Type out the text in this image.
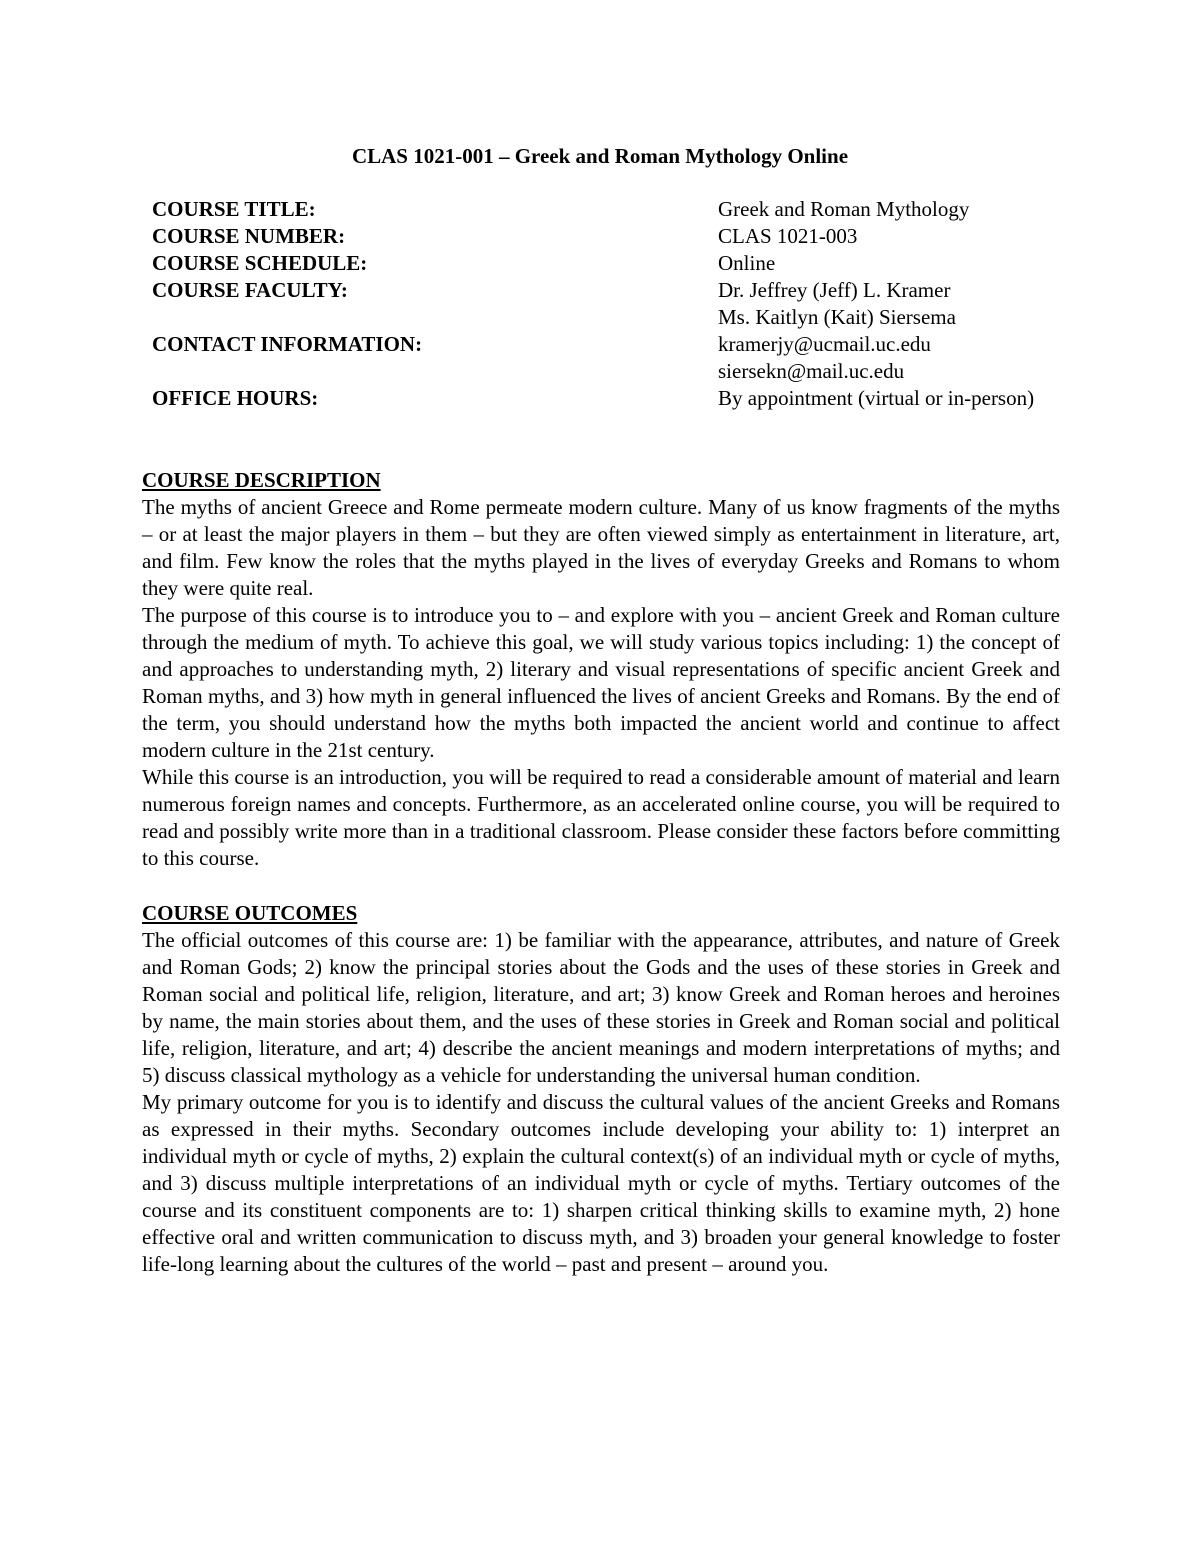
CLAS 1021-001 – Greek and Roman Mythology Online
COURSE TITLE:	Greek and Roman Mythology
COURSE NUMBER:	CLAS 1021-003
COURSE SCHEDULE:	Online
COURSE FACULTY:	Dr. Jeffrey (Jeff) L. Kramer
Ms. Kaitlyn (Kait) Siersema
CONTACT INFORMATION:	kramerjy@ucmail.uc.edu
siersekn@mail.uc.edu
OFFICE HOURS:	By appointment (virtual or in-person)

COURSE DESCRIPTION

The myths of ancient Greece and Rome permeate modern culture. Many of us know fragments of the myths – or at least the major players in them – but they are often viewed simply as entertainment in literature, art, and film. Few know the roles that the myths played in the lives of everyday Greeks and Romans to whom they were quite real.

The purpose of this course is to introduce you to – and explore with you – ancient Greek and Roman culture through the medium of myth. To achieve this goal, we will study various topics including: 1) the concept of and approaches to understanding myth, 2) literary and visual representations of specific ancient Greek and Roman myths, and 3) how myth in general influenced the lives of ancient Greeks and Romans. By the end of the term, you should understand how the myths both impacted the ancient world and continue to affect modern culture in the 21st century.

While this course is an introduction, you will be required to read a considerable amount of material and learn numerous foreign names and concepts. Furthermore, as an accelerated online course, you will be required to read and possibly write more than in a traditional classroom. Please consider these factors before committing to this course.

COURSE OUTCOMES

The official outcomes of this course are: 1) be familiar with the appearance, attributes, and nature of Greek and Roman Gods; 2) know the principal stories about the Gods and the uses of these stories in Greek and Roman social and political life, religion, literature, and art; 3) know Greek and Roman heroes and heroines by name, the main stories about them, and the uses of these stories in Greek and Roman social and political life, religion, literature, and art; 4) describe the ancient meanings and modern interpretations of myths; and 5) discuss classical mythology as a vehicle for understanding the universal human condition.

My primary outcome for you is to identify and discuss the cultural values of the ancient Greeks and Romans as expressed in their myths. Secondary outcomes include developing your ability to: 1) interpret an individual myth or cycle of myths, 2) explain the cultural context(s) of an individual myth or cycle of myths, and 3) discuss multiple interpretations of an individual myth or cycle of myths. Tertiary outcomes of the course and its constituent components are to: 1) sharpen critical thinking skills to examine myth, 2) hone effective oral and written communication to discuss myth, and 3) broaden your general knowledge to foster life-long learning about the cultures of the world – past and present – around you.
